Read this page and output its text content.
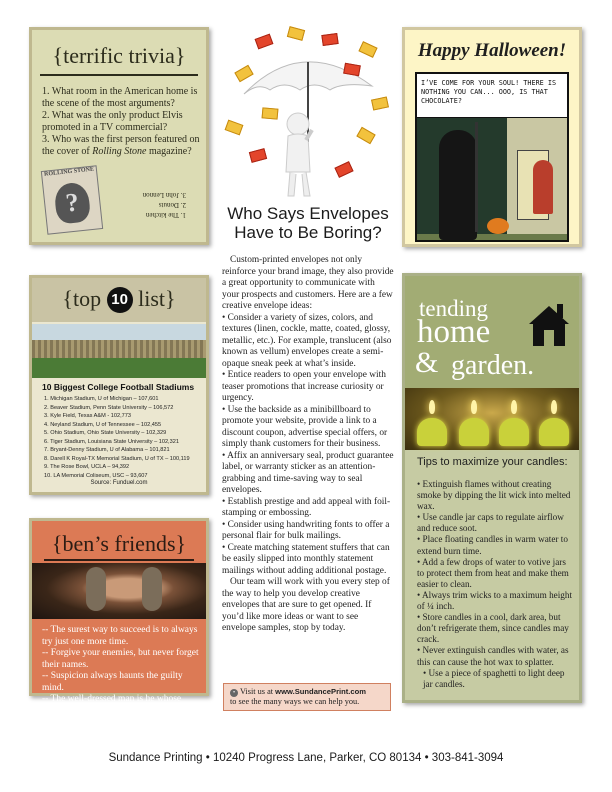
{terrific trivia}
1. What room in the American home is the scene of the most arguments?
2. What was the only product Elvis promoted in a TV commercial?
3. Who was the first person featured on the cover of Rolling Stone magazine?
ROLLING STONE
?	1. The kitchen
2. Donuts
3. John Lennon
{top 10 list}
10 Biggest College Football Stadiums
1. Michigan Stadium, U of Michigan – 107,601
2. Beaver Stadium, Penn State University – 106,572
3. Kyle Field, Texas A&M - 102,773
4. Neyland Stadium, U of Tennessee – 102,455
5. Ohio Stadium, Ohio State University – 102,329
6. Tiger Stadium, Louisiana State University – 102,321
7. Bryant-Denny Stadium, U of Alabama – 101,821
8. Darell K Royal-TX Memorial Stadium, U of TX – 100,119
9. The Rose Bowl, UCLA – 94,392
10. LA Memorial Coliseum, USC – 93,607
Source: Funduel.com
{ben’s friends}

-- The surest way to succeed is to always try just one more time.

-- Forgive your enemies, but never forget their names.

-- Suspicion always haunts the guilty mind.

-- The well-dressed man is he whose clothes you never notice.

Who Says Envelopes
Have to Be Boring?

Custom-printed envelopes not only reinforce your brand image, they also provide a great opportunity to communicate with your prospects and customers. Here are a few creative envelope ideas:

• Consider a variety of sizes, colors, and textures (linen, cockle, matte, coated, glossy, metallic, etc.). For example, translucent (also known as vellum) envelopes create a semi-opaque sneak peek at what’s inside.

• Entice readers to open your envelope with teaser promotions that increase curiosity or urgency.

• Use the backside as a minibillboard to promote your website, provide a link to a discount coupon, advertise special offers, or simply thank customers for their business.

• Affix an anniversary seal, product guarantee label, or warranty sticker as an attention-grabbing and time-saving way to seal envelopes.

• Establish prestige and add appeal with foil-stamping or embossing.

• Consider using handwriting fonts to offer a personal flair for bulk mailings.

• Create matching statement stuffers that can be easily slipped into monthly statement mailings without adding additional postage.

Our team will work with you every step of the way to help you develop creative envelopes that are sure to get opened. If you’d like more ideas or want to see envelope samples, stop by today.

• Visit us at www.SundancePrint.com
to see the many ways we can help you.
Happy Halloween!
I’VE COME FOR YOUR SOUL! THERE IS NOTHING YOU CAN... OOO, IS THAT CHOCOLATE?
tending
home
& garden.
Tips to maximize your candles:

• Extinguish flames without creating smoke by dipping the lit wick into melted wax.

• Use candle jar caps to regulate airflow and reduce soot.

• Place floating candles in warm water to extend burn time.

• Add a few drops of water to votive jars to protect them from heat and make them easier to clean.

• Always trim wicks to a maximum height of ¼ inch.

• Store candles in a cool, dark area, but don’t refrigerate them, since candles may crack.

• Never extinguish candles with water, as this can cause the hot wax to splatter.

• Use a piece of spaghetti to light deep jar candles.

Sundance Printing • 10240 Progress Lane, Parker, CO 80134 • 303-841-3094
